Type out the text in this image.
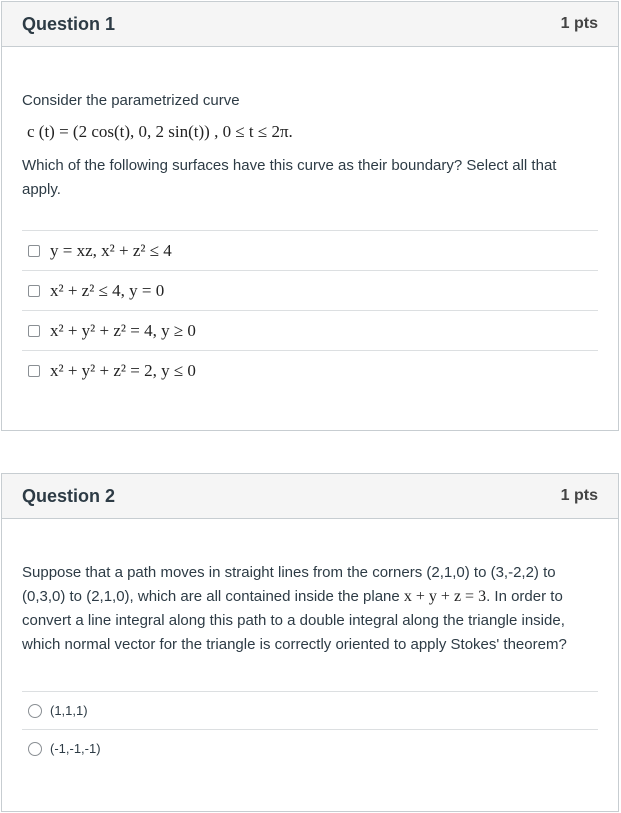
Question 1	1 pts
Consider the parametrized curve
c (t) = (2 cos(t), 0, 2 sin(t)) , 0 ≤ t ≤ 2π.
Which of the following surfaces have this curve as their boundary? Select all that apply.
y = xz, x² + z² ≤ 4
x² + z² ≤ 4, y = 0
x² + y² + z² = 4, y ≥ 0
x² + y² + z² = 2, y ≤ 0
Question 2	1 pts
Suppose that a path moves in straight lines from the corners (2,1,0) to (3,-2,2) to (0,3,0) to (2,1,0), which are all contained inside the plane x + y + z = 3. In order to convert a line integral along this path to a double integral along the triangle inside, which normal vector for the triangle is correctly oriented to apply Stokes' theorem?
(1,1,1)
(-1,-1,-1)
